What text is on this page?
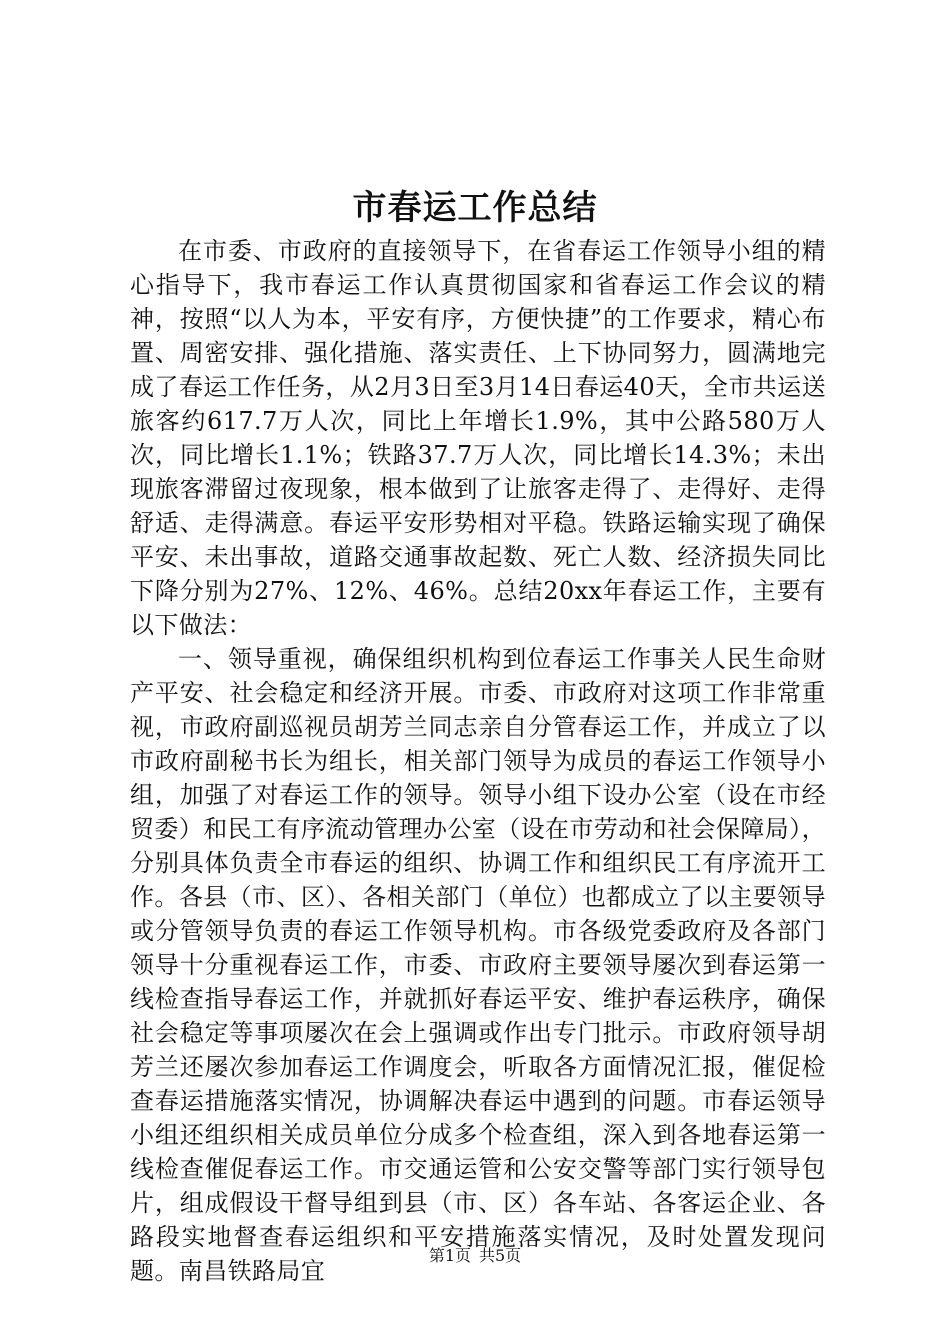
市春运工作总结

在市委、市政府的直接领导下，在省春运工作领导小组的精心指导下，我市春运工作认真贯彻国家和省春运工作会议的精神，按照“以人为本，平安有序，方便快捷”的工作要求，精心布置、周密安排、强化措施、落实责任、上下协同努力，圆满地完成了春运工作任务，从2月3日至3月14日春运40天，全市共运送旅客约617.7万人次，同比上年增长1.9%，其中公路580万人次，同比增长1.1%；铁路37.7万人次，同比增长14.3%；未出现旅客滞留过夜现象，根本做到了让旅客走得了、走得好、走得舒适、走得满意。春运平安形势相对平稳。铁路运输实现了确保平安、未出事故，道路交通事故起数、死亡人数、经济损失同比下降分别为27%、12%、46%。总结20xx年春运工作，主要有以下做法：

一、领导重视，确保组织机构到位春运工作事关人民生命财产平安、社会稳定和经济开展。市委、市政府对这项工作非常重视，市政府副巡视员胡芳兰同志亲自分管春运工作，并成立了以市政府副秘书长为组长，相关部门领导为成员的春运工作领导小组，加强了对春运工作的领导。领导小组下设办公室（设在市经贸委）和民工有序流动管理办公室（设在市劳动和社会保障局），分别具体负责全市春运的组织、协调工作和组织民工有序流开工作。各县（市、区）、各相关部门（单位）也都成立了以主要领导或分管领导负责的春运工作领导机构。市各级党委政府及各部门领导十分重视春运工作，市委、市政府主要领导屡次到春运第一线检查指导春运工作，并就抓好春运平安、维护春运秩序，确保社会稳定等事项屡次在会上强调或作出专门批示。市政府领导胡芳兰还屡次参加春运工作调度会，听取各方面情况汇报，催促检查春运措施落实情况，协调解决春运中遇到的问题。市春运领导小组还组织相关成员单位分成多个检查组，深入到各地春运第一线检查催促春运工作。市交通运管和公安交警等部门实行领导包片，组成假设干督导组到县（市、区）各车站、各客运企业、各路段实地督查春运组织和平安措施落实情况，及时处置发现问题。南昌铁路局宜

第1页 共5页
